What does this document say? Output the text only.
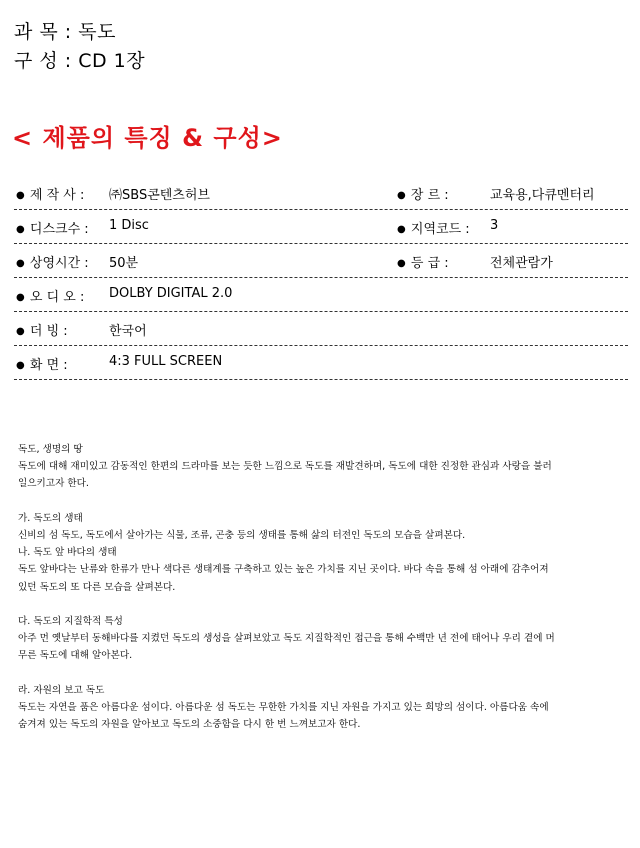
과 목 : 독도
구 성 : CD 1장
< 제품의 특징 & 구성>
● 제 작 사 :	㈜SBS콘텐츠허브	● 장 르 :	교육용,다큐멘터리
● 디스크수 :	1 Disc	● 지역코드 :	3
● 상영시간 :	50분	● 등 급 :	전체관람가
● 오 디 오 :	DOLBY DIGITAL 2.0
● 더 빙 :	한국어
● 화 면 :	4:3 FULL SCREEN
독도, 생명의 땅
독도에 대해 재미있고 감동적인 한편의 드라마를 보는 듯한 느낌으로 독도를 재발견하며, 독도에 대한 진정한 관심과 사랑을 불러
일으키고자 한다.
가. 독도의 생태
신비의 섬 독도, 독도에서 살아가는 식물, 조류, 곤충 등의 생태를 통해 삶의 터전인 독도의 모습을 살펴본다.
나. 독도 앞 바다의 생태
독도 앞바다는 난류와 한류가 만나 색다른 생태계를 구축하고 있는 높은 가치를 지닌 곳이다. 바다 속을 통해 섬 아래에 감추어져
있던 독도의 또 다른 모습을 살펴본다.
다. 독도의 지질학적 특성
아주 먼 옛날부터 동해바다를 지켰던 독도의 생성을 살펴보았고 독도 지질학적인 접근을 통해 수백만 년 전에 태어나 우리 곁에 머
무른 독도에 대해 알아본다.
라. 자원의 보고 독도
독도는 자연을 품은 아름다운 섬이다. 아름다운 섬 독도는 무한한 가치를 지닌 자원을 가지고 있는 희망의 섬이다. 아름다움 속에
숨겨져 있는 독도의 자원을 알아보고 독도의 소중함을 다시 한 번 느껴보고자 한다.
